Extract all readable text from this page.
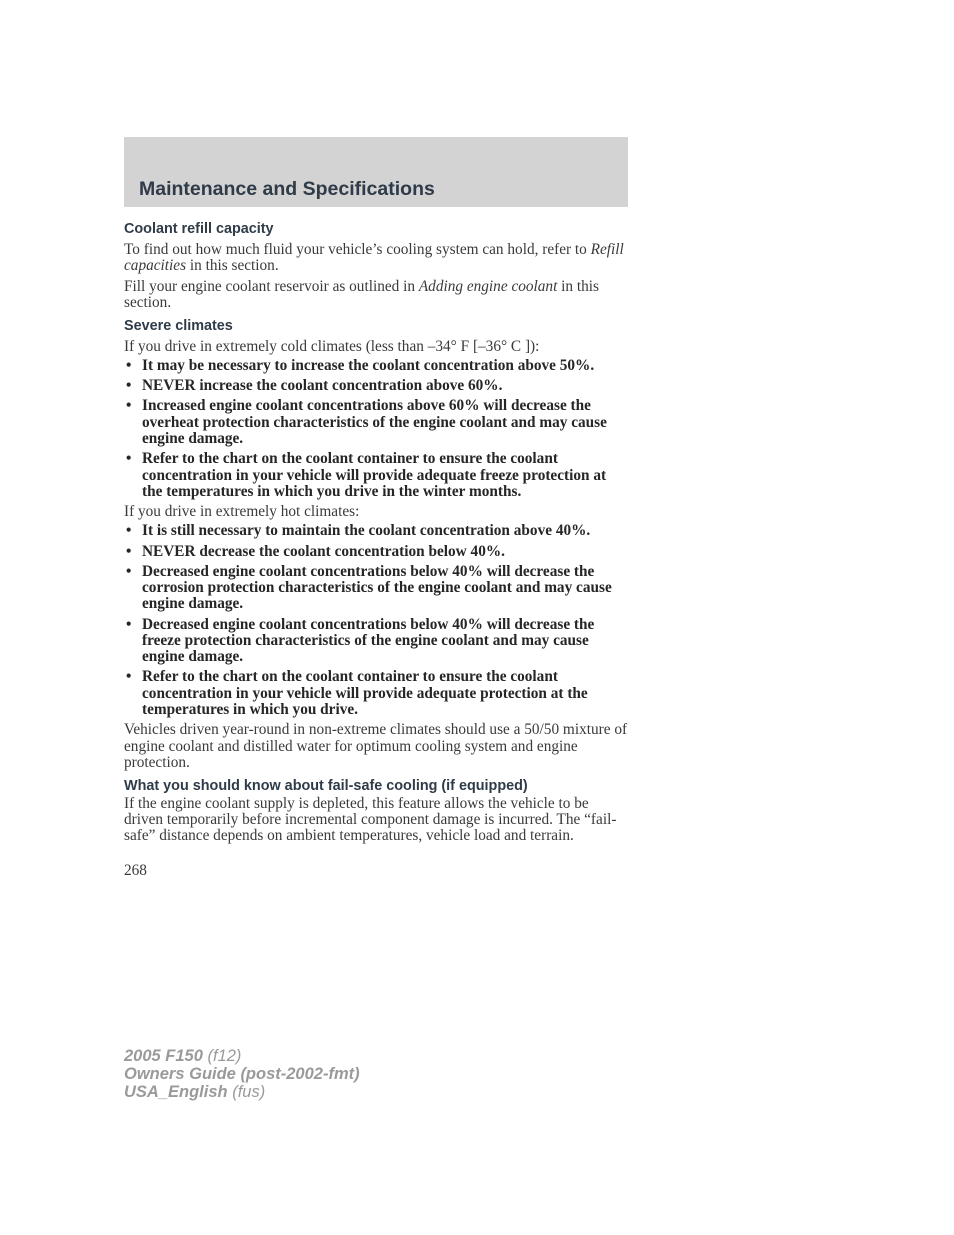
Maintenance and Specifications
Coolant refill capacity

To find out how much fluid your vehicle’s cooling system can hold, refer to Refill capacities in this section.

Fill your engine coolant reservoir as outlined in Adding engine coolant in this section.

Severe climates

If you drive in extremely cold climates (less than –34° F [–36° C ]):

• It may be necessary to increase the coolant concentration above 50%.
• NEVER increase the coolant concentration above 60%.
• Increased engine coolant concentrations above 60% will decrease the overheat protection characteristics of the engine coolant and may cause engine damage.
• Refer to the chart on the coolant container to ensure the coolant concentration in your vehicle will provide adequate freeze protection at the temperatures in which you drive in the winter months.

If you drive in extremely hot climates:

• It is still necessary to maintain the coolant concentration above 40%.
• NEVER decrease the coolant concentration below 40%.
• Decreased engine coolant concentrations below 40% will decrease the corrosion protection characteristics of the engine coolant and may cause engine damage.
• Decreased engine coolant concentrations below 40% will decrease the freeze protection characteristics of the engine coolant and may cause engine damage.
• Refer to the chart on the coolant container to ensure the coolant concentration in your vehicle will provide adequate protection at the temperatures in which you drive.

Vehicles driven year-round in non-extreme climates should use a 50/50 mixture of engine coolant and distilled water for optimum cooling system and engine protection.

What you should know about fail-safe cooling (if equipped)

If the engine coolant supply is depleted, this feature allows the vehicle to be driven temporarily before incremental component damage is incurred. The “fail-safe” distance depends on ambient temperatures, vehicle load and terrain.

268

2005 F150 (f12)
Owners Guide (post-2002-fmt)
USA_English (fus)
